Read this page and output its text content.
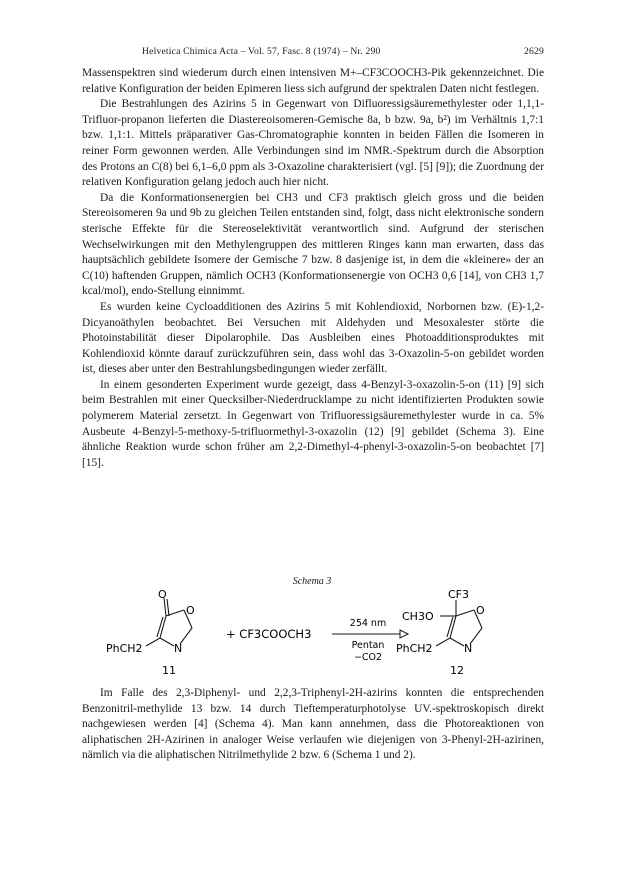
Helvetica Chimica Acta – Vol. 57, Fasc. 8 (1974) – Nr. 290	2629

Massenspektren sind wiederum durch einen intensiven M+–CF3COOCH3-Pik gekennzeichnet. Die relative Konfiguration der beiden Epimeren liess sich aufgrund der spektralen Daten nicht festlegen.

Die Bestrahlungen des Azirins 5 in Gegenwart von Difluoressigsäuremethylester oder 1,1,1-Trifluor-propanon lieferten die Diastereoisomeren-Gemische 8a, b bzw. 9a, b²) im Verhältnis 1,7:1 bzw. 1,1:1. Mittels präparativer Gas-Chromatographie konnten in beiden Fällen die Isomeren in reiner Form gewonnen werden. Alle Verbindungen sind im NMR.-Spektrum durch die Absorption des Protons an C(8) bei 6,1–6,0 ppm als 3-Oxazoline charakterisiert (vgl. [5] [9]); die Zuordnung der relativen Konfiguration gelang jedoch auch hier nicht.

Da die Konformationsenergien bei CH3 und CF3 praktisch gleich gross und die beiden Stereoisomeren 9a und 9b zu gleichen Teilen entstanden sind, folgt, dass nicht elektronische sondern sterische Effekte für die Stereoselektivität verantwortlich sind. Aufgrund der sterischen Wechselwirkungen mit den Methylengruppen des mittleren Ringes kann man erwarten, dass das hauptsächlich gebildete Isomere der Gemische 7 bzw. 8 dasjenige ist, in dem die «kleinere» der an C(10) haftenden Gruppen, nämlich OCH3 (Konformationsenergie von OCH3 0,6 [14], von CH3 1,7 kcal/mol), endo-Stellung einnimmt.

Es wurden keine Cycloadditionen des Azirins 5 mit Kohlendioxid, Norbornen bzw. (E)-1,2-Dicyanoäthylen beobachtet. Bei Versuchen mit Aldehyden und Mesoxalester störte die Photoinstabilität dieser Dipolarophile. Das Ausbleiben eines Photoadditionsproduktes mit Kohlendioxid könnte darauf zurückzuführen sein, dass wohl das 3-Oxazolin-5-on gebildet worden ist, dieses aber unter den Bestrahlungsbedingungen wieder zerfällt.

In einem gesonderten Experiment wurde gezeigt, dass 4-Benzyl-3-oxazolin-5-on (11) [9] sich beim Bestrahlen mit einer Quecksilber-Niederdrucklampe zu nicht identifizierten Produkten sowie polymerem Material zersetzt. In Gegenwart von Trifluoressigsäuremethylester wurde in ca. 5% Ausbeute 4-Benzyl-5-methoxy-5-trifluormethyl-3-oxazolin (12) [9] gebildet (Schema 3). Eine ähnliche Reaktion wurde schon früher am 2,2-Dimethyl-4-phenyl-3-oxazolin-5-on beobachtet [7] [15].

Schema 3
O
O
N
PhCH2
11
+ CF3COOCH3
254 nm
Pentan
−CO2
CF3
CH3O	O
N
PhCH2
12

Im Falle des 2,3-Diphenyl- und 2,2,3-Triphenyl-2H-azirins konnten die entsprechenden Benzonitril-methylide 13 bzw. 14 durch Tieftemperaturphotolyse UV.-spektroskopisch direkt nachgewiesen werden [4] (Schema 4). Man kann annehmen, dass die Photoreaktionen von aliphatischen 2H-Azirinen in analoger Weise verlaufen wie diejenigen von 3-Phenyl-2H-azirinen, nämlich via die aliphatischen Nitrilmethylide 2 bzw. 6 (Schema 1 und 2).
